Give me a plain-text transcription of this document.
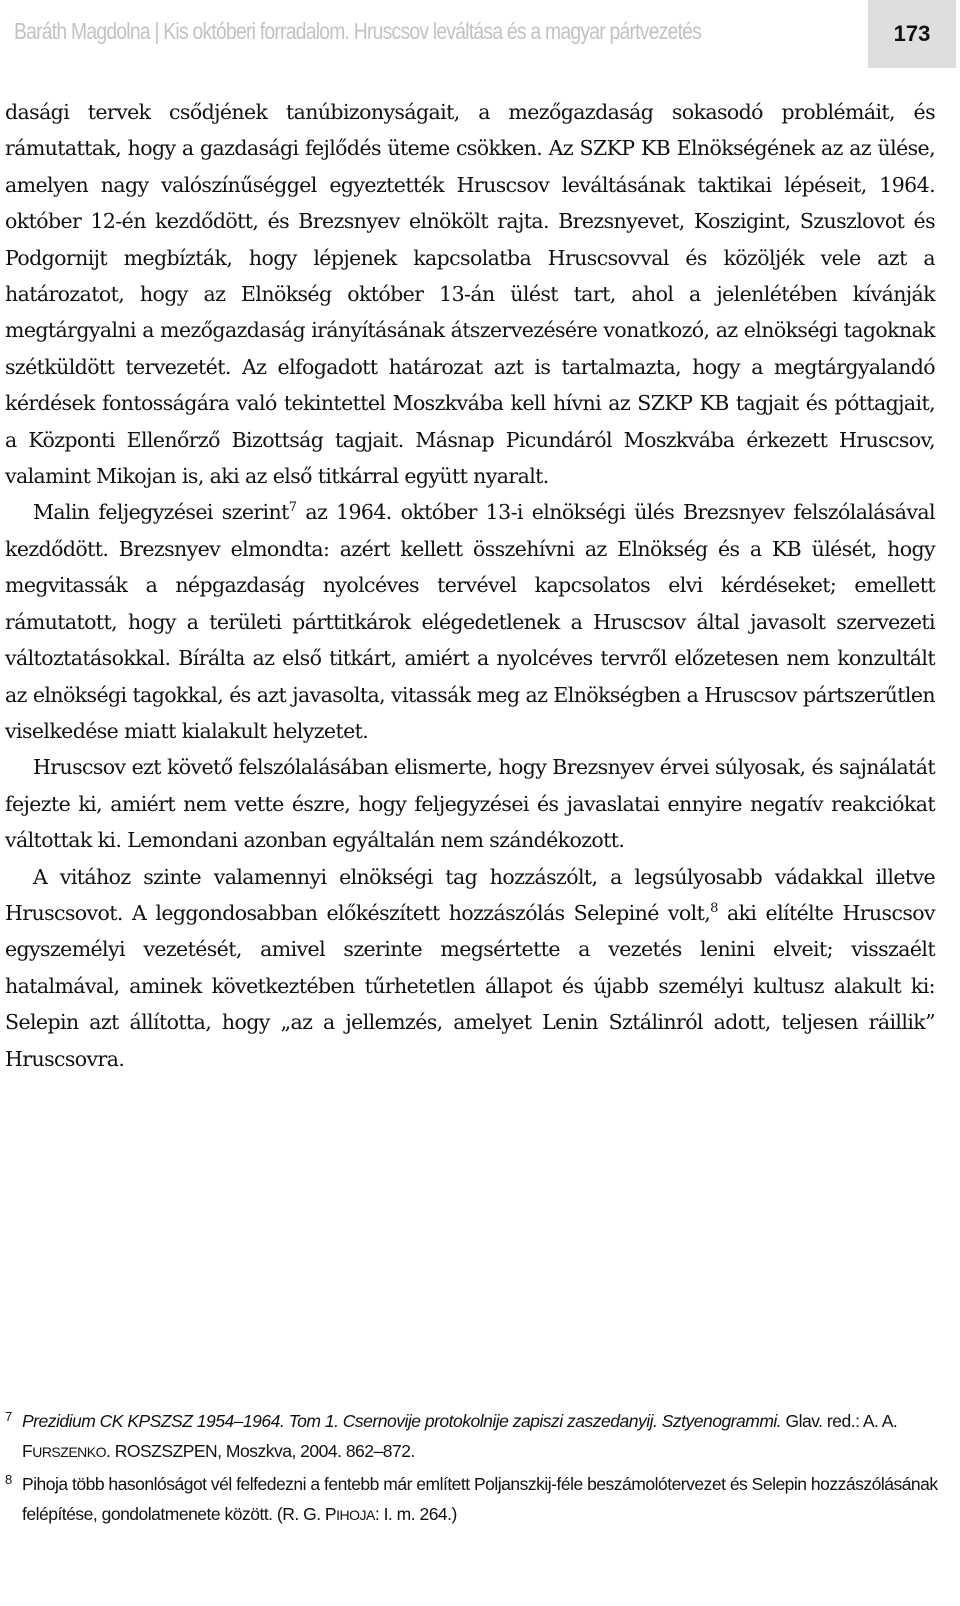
Baráth Magdolna | Kis októberi forradalom. Hruscsov leváltása és a magyar pártvezetés	173

dasági tervek csődjének tanúbizonyságait, a mezőgazdaság sokasodó problémáit, és rámutattak, hogy a gazdasági fejlődés üteme csökken. Az SZKP KB Elnökségének az az ülése, amelyen nagy valószínűséggel egyeztették Hruscsov leváltásának taktikai lépéseit, 1964. október 12-én kezdődött, és Brezsnyev elnökölt rajta. Brezsnyevet, Koszigint, Szuszlovot és Podgornijt megbízták, hogy lépjenek kapcsolatba Hruscsovval és közöljék vele azt a határozatot, hogy az Elnökség október 13-án ülést tart, ahol a jelenlétében kívánják megtárgyalni a mezőgazdaság irányításának átszervezésére vonatkozó, az elnökségi tagoknak szétküldött tervezetét. Az elfogadott határozat azt is tartalmazta, hogy a megtárgyalandó kérdések fontosságára való tekintettel Moszkvába kell hívni az SZKP KB tagjait és póttagjait, a Központi Ellenőrző Bizottság tagjait. Másnap Picundáról Moszkvába érkezett Hruscsov, valamint Mikojan is, aki az első titkárral együtt nyaralt.

Malin feljegyzései szerint$^7$ az 1964. október 13-i elnökségi ülés Brezsnyev felszólalásával kezdődött. Brezsnyev elmondta: azért kellett összehívni az Elnökség és a KB ülését, hogy megvitassák a népgazdaság nyolcéves tervével kapcsolatos elvi kérdéseket; emellett rámutatott, hogy a területi párttitkárok elégedetlenek a Hruscsov által javasolt szervezeti változtatásokkal. Bírálta az első titkárt, amiért a nyolcéves tervről előzetesen nem konzultált az elnökségi tagokkal, és azt javasolta, vitassák meg az Elnökségben a Hruscsov pártszerűtlen viselkedése miatt kialakult helyzetet.

Hruscsov ezt követő felszólalásában elismerte, hogy Brezsnyev érvei súlyosak, és sajnálatát fejezte ki, amiért nem vette észre, hogy feljegyzései és javaslatai ennyire negatív reakciókat váltottak ki. Lemondani azonban egyáltalán nem szándékozott.

A vitához szinte valamennyi elnökségi tag hozzászólt, a legsúlyosabb vádakkal illetve Hruscsovot. A leggondosabban előkészített hozzászólás Selepiné volt,$^8$ aki elítélte Hruscsov egyszemélyi vezetését, amivel szerinte megsértette a vezetés lenini elveit; visszaélt hatalmával, aminek következtében tűrhetetlen állapot és újabb személyi kultusz alakult ki: Selepin azt állította, hogy „az a jellemzés, amelyet Lenin Sztálinról adott, teljesen ráillik” Hruscsovra.

7 Prezidium CK KPSZSZ 1954–1964. Tom 1. Csernovije protokolnije zapiszi zaszedanyij. Sztyenogrammi. Glav. red.: A. A. FURSZENKO. ROSZSZPEN, Moszkva, 2004. 862–872.
8 Pihoja több hasonlóságot vél felfedezni a fentebb már említett Poljanszkij-féle beszámolótervezet és Selepin hozzászólásának felépítése, gondolatmenete között. (R. G. PIHOJA: I. m. 264.)
